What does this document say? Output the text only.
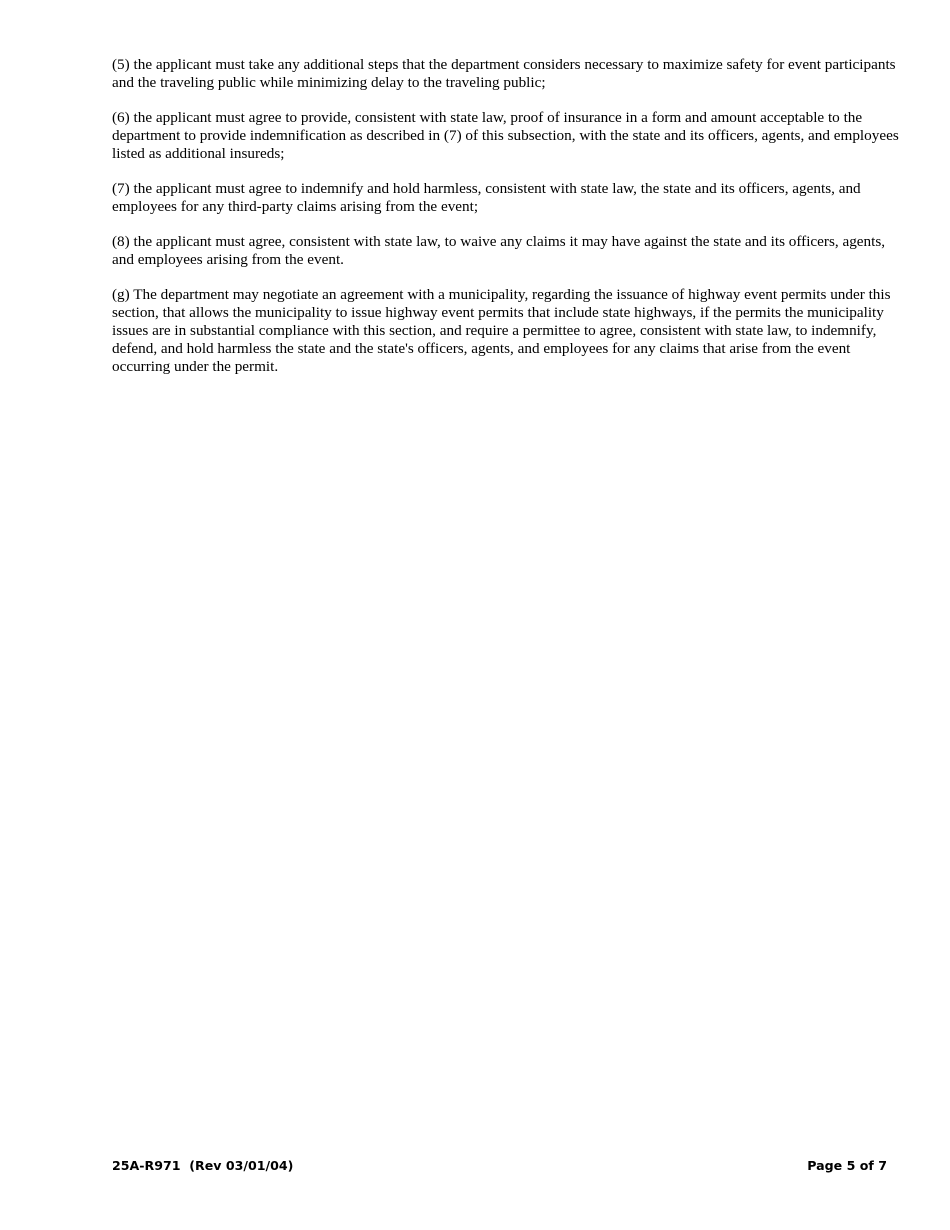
(5) the applicant must take any additional steps that the department considers necessary to maximize safety for event participants and the traveling public while minimizing delay to the traveling public;

(6) the applicant must agree to provide, consistent with state law, proof of insurance in a form and amount acceptable to the department to provide indemnification as described in (7) of this subsection, with the state and its officers, agents, and employees listed as additional insureds;

(7) the applicant must agree to indemnify and hold harmless, consistent with state law, the state and its officers, agents, and employees for any third-party claims arising from the event;

(8) the applicant must agree, consistent with state law, to waive any claims it may have against the state and its officers, agents, and employees arising from the event.

(g) The department may negotiate an agreement with a municipality, regarding the issuance of highway event permits under this section, that allows the municipality to issue highway event permits that include state highways, if the permits the municipality issues are in substantial compliance with this section, and require a permittee to agree, consistent with state law, to indemnify, defend, and hold harmless the state and the state's officers, agents, and employees for any claims that arise from the event occurring under the permit.

25A-R971  (Rev 03/01/04)	Page 5 of 7
